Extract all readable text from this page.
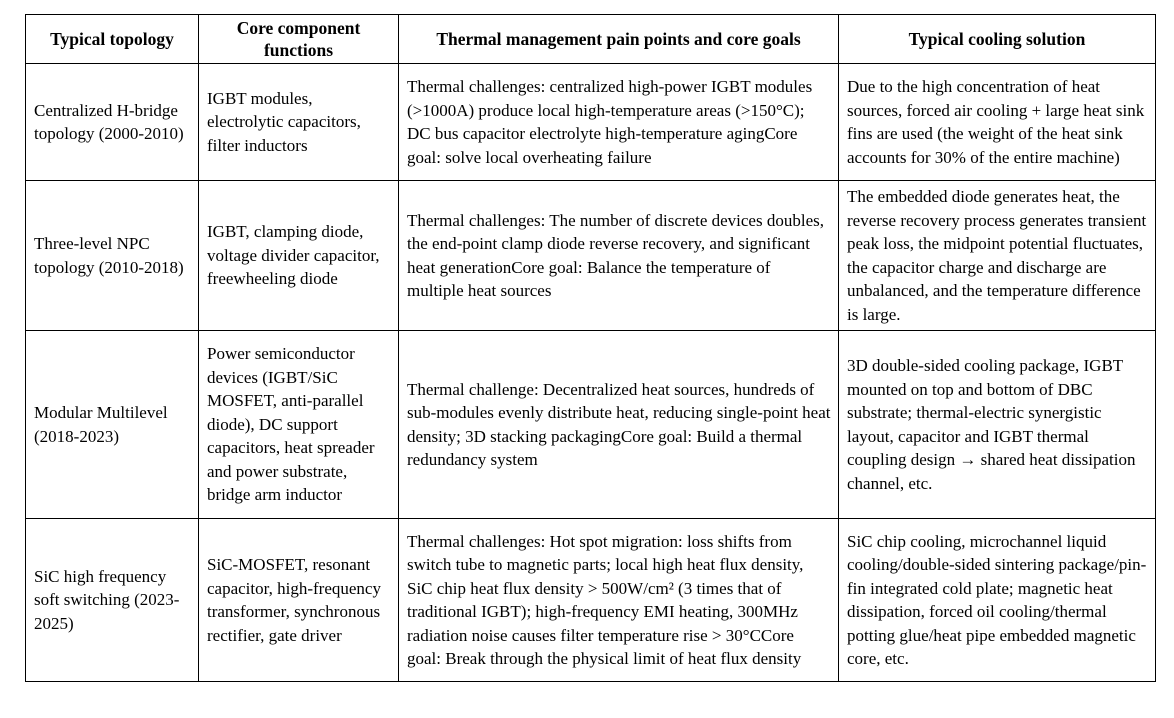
Typical topology	Core component functions	Thermal management pain points and core goals	Typical cooling solution
Centralized H-bridge topology (2000-2010)	IGBT modules, electrolytic capacitors, filter inductors	Thermal challenges: centralized high-power IGBT modules (>1000A) produce local high-temperature areas (>150°C); DC bus capacitor electrolyte high-temperature agingCore goal: solve local overheating failure	Due to the high concentration of heat sources, forced air cooling + large heat sink fins are used (the weight of the heat sink accounts for 30% of the entire machine)
Three-level NPC topology (2010-2018)	IGBT, clamping diode, voltage divider capacitor, freewheeling diode	Thermal challenges: The number of discrete devices doubles, the end-point clamp diode reverse recovery, and significant heat generationCore goal: Balance the temperature of multiple heat sources	The embedded diode generates heat, the reverse recovery process generates transient peak loss, the midpoint potential fluctuates, the capacitor charge and discharge are unbalanced, and the temperature difference is large.
Modular Multilevel (2018-2023)	Power semiconductor devices (IGBT/SiC MOSFET, anti-parallel diode), DC support capacitors, heat spreader and power substrate, bridge arm inductor	Thermal challenge: Decentralized heat sources, hundreds of sub-modules evenly distribute heat, reducing single-point heat density; 3D stacking packagingCore goal: Build a thermal redundancy system	3D double-sided cooling package, IGBT mounted on top and bottom of DBC substrate; thermal-electric synergistic layout, capacitor and IGBT thermal coupling design → shared heat dissipation channel, etc.
SiC high frequency soft switching (2023-2025)	SiC-MOSFET, resonant capacitor, high-frequency transformer, synchronous rectifier, gate driver	Thermal challenges: Hot spot migration: loss shifts from switch tube to magnetic parts; local high heat flux density, SiC chip heat flux density > 500W/cm² (3 times that of traditional IGBT); high-frequency EMI heating, 300MHz radiation noise causes filter temperature rise > 30°CCore goal: Break through the physical limit of heat flux density	SiC chip cooling, microchannel liquid cooling/double-sided sintering package/pin-fin integrated cold plate; magnetic heat dissipation, forced oil cooling/thermal potting glue/heat pipe embedded magnetic core, etc.
